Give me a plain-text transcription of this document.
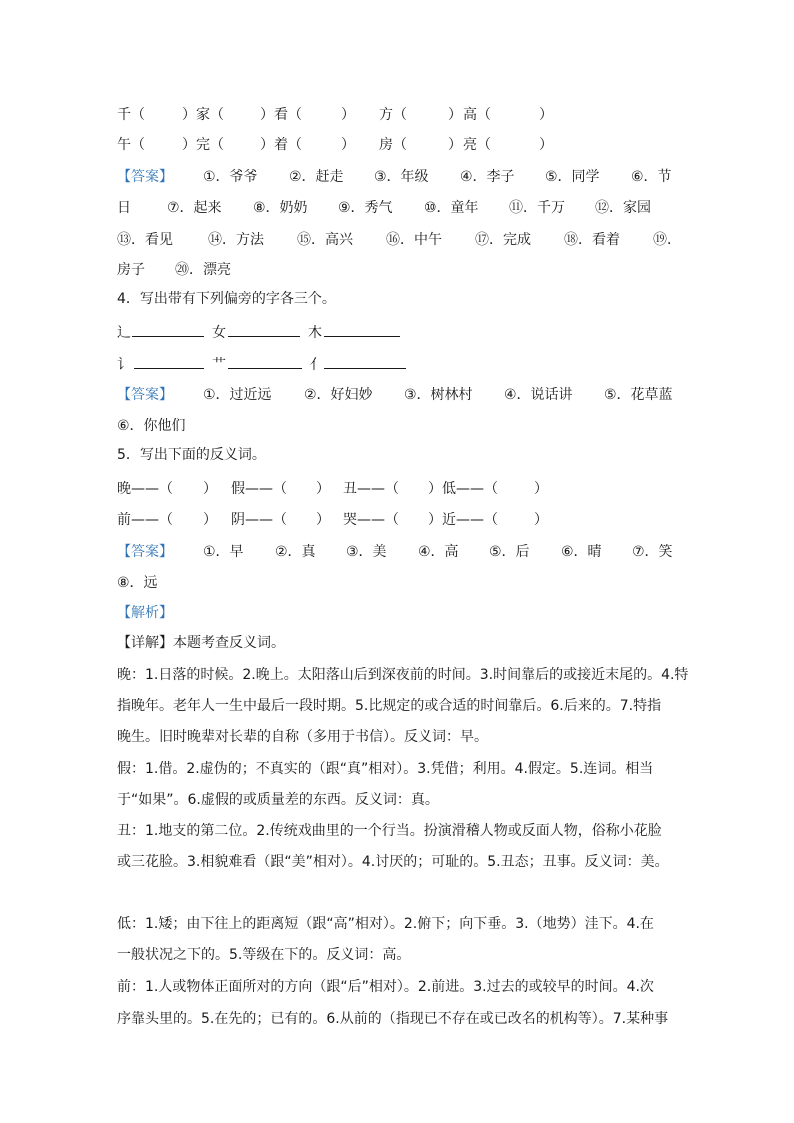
千（	）家（	）看（	） 方（	） 高（	）
午（	）完（	）着（	） 房（	） 亮（	）
【答案】 ①．爷爷 ②．赶走 ③．年级 ④．李子 ⑤．同学 ⑥．节
日	⑦．起来 ⑧．奶奶 ⑨．秀气 ⑩．童年 ⑪．千万 ⑫．家园
⑬．看见	⑭．方法 ⑮．高兴 ⑯．中午 ⑰．完成 ⑱．看着 ⑲．
房子 ⑳．漂亮
4．写出带有下列偏旁的字各三个。
辶	女	木
讠	艹	亻
【答案】 ①．过近远 ②．好妇妙 ③．树林村 ④．说话讲 ⑤．花草蓝
⑥．你他们
5．写出下面的反义词。
晚——（ ） 假——（ ） 丑——（ ）低——（	）
前——（ ） 阴——（ ） 哭——（ ）近——（	）
【答案】 ①．早 ②．真 ③．美 ④．高 ⑤．后 ⑥．晴 ⑦．笑
⑧．远
【解析】
【详解】本题考查反义词。
晚：1.日落的时候。2.晚上。太阳落山后到深夜前的时间。3.时间靠后的或接近末尾的。4.特
指晚年。老年人一生中最后一段时期。5.比规定的或合适的时间靠后。6.后来的。7.特指
晚生。旧时晚辈对长辈的自称（多用于书信）。反义词：早。
假：1.借。2.虚伪的；不真实的（跟“真”相对）。3.凭借；利用。4.假定。5.连词。相当
于“如果”。6.虚假的或质量差的东西。反义词：真。
丑：1.地支的第二位。2.传统戏曲里的一个行当。扮演滑稽人物或反面人物，俗称小花脸
或三花脸。3.相貌难看（跟“美”相对）。4.讨厌的；可耻的。5.丑态；丑事。反义词：美。
低：1.矮；由下往上的距离短（跟“高”相对）。2.俯下；向下垂。3.（地势）洼下。4.在
一般状况之下的。5.等级在下的。反义词：高。
前：1.人或物体正面所对的方向（跟“后”相对）。2.前进。3.过去的或较早的时间。4.次
序靠头里的。5.在先的；已有的。6.从前的（指现已不存在或已改名的机构等）。7.某种事
